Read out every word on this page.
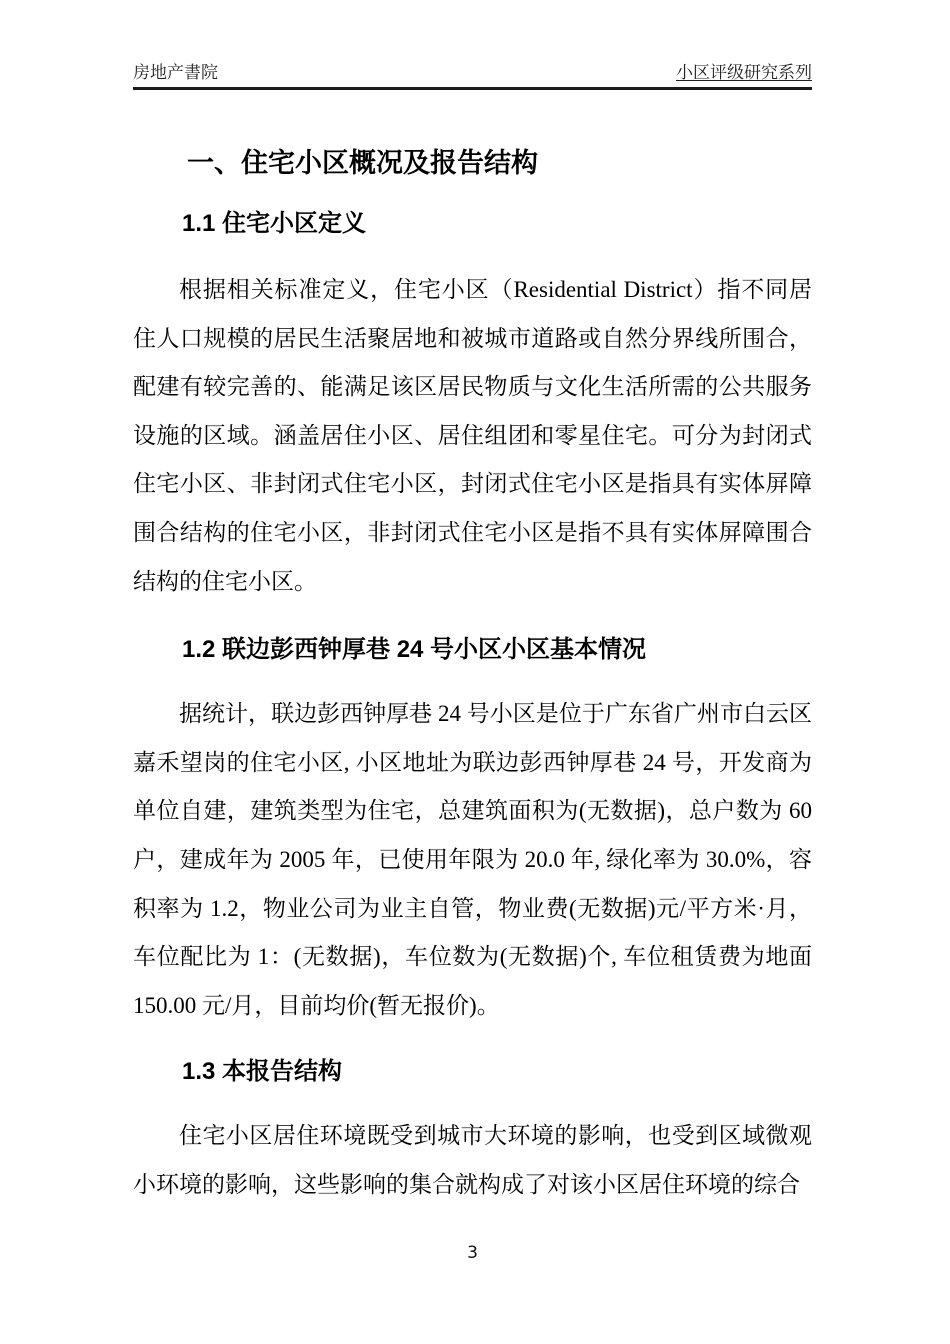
房地产書院	小区评级研究系列
一、住宅小区概况及报告结构
1.1 住宅小区定义

根据相关标准定义，住宅小区（Residential District）指不同居住人口规模的居民生活聚居地和被城市道路或自然分界线所围合，配建有较完善的、能满足该区居民物质与文化生活所需的公共服务设施的区域。涵盖居住小区、居住组团和零星住宅。可分为封闭式住宅小区、非封闭式住宅小区，封闭式住宅小区是指具有实体屏障围合结构的住宅小区，非封闭式住宅小区是指不具有实体屏障围合结构的住宅小区。

1.2 联边彭西钟厚巷 24 号小区小区基本情况

据统计，联边彭西钟厚巷 24 号小区是位于广东省广州市白云区嘉禾望岗的住宅小区, 小区地址为联边彭西钟厚巷 24 号，开发商为单位自建，建筑类型为住宅，总建筑面积为(无数据)，总户数为 60 户，建成年为 2005 年，已使用年限为 20.0 年, 绿化率为 30.0%，容积率为 1.2，物业公司为业主自管，物业费(无数据)元/平方米·月，车位配比为 1：(无数据)，车位数为(无数据)个, 车位租赁费为地面 150.00 元/月，目前均价(暂无报价)。

1.3 本报告结构

住宅小区居住环境既受到城市大环境的影响，也受到区域微观小环境的影响，这些影响的集合就构成了对该小区居住环境的综合

3
